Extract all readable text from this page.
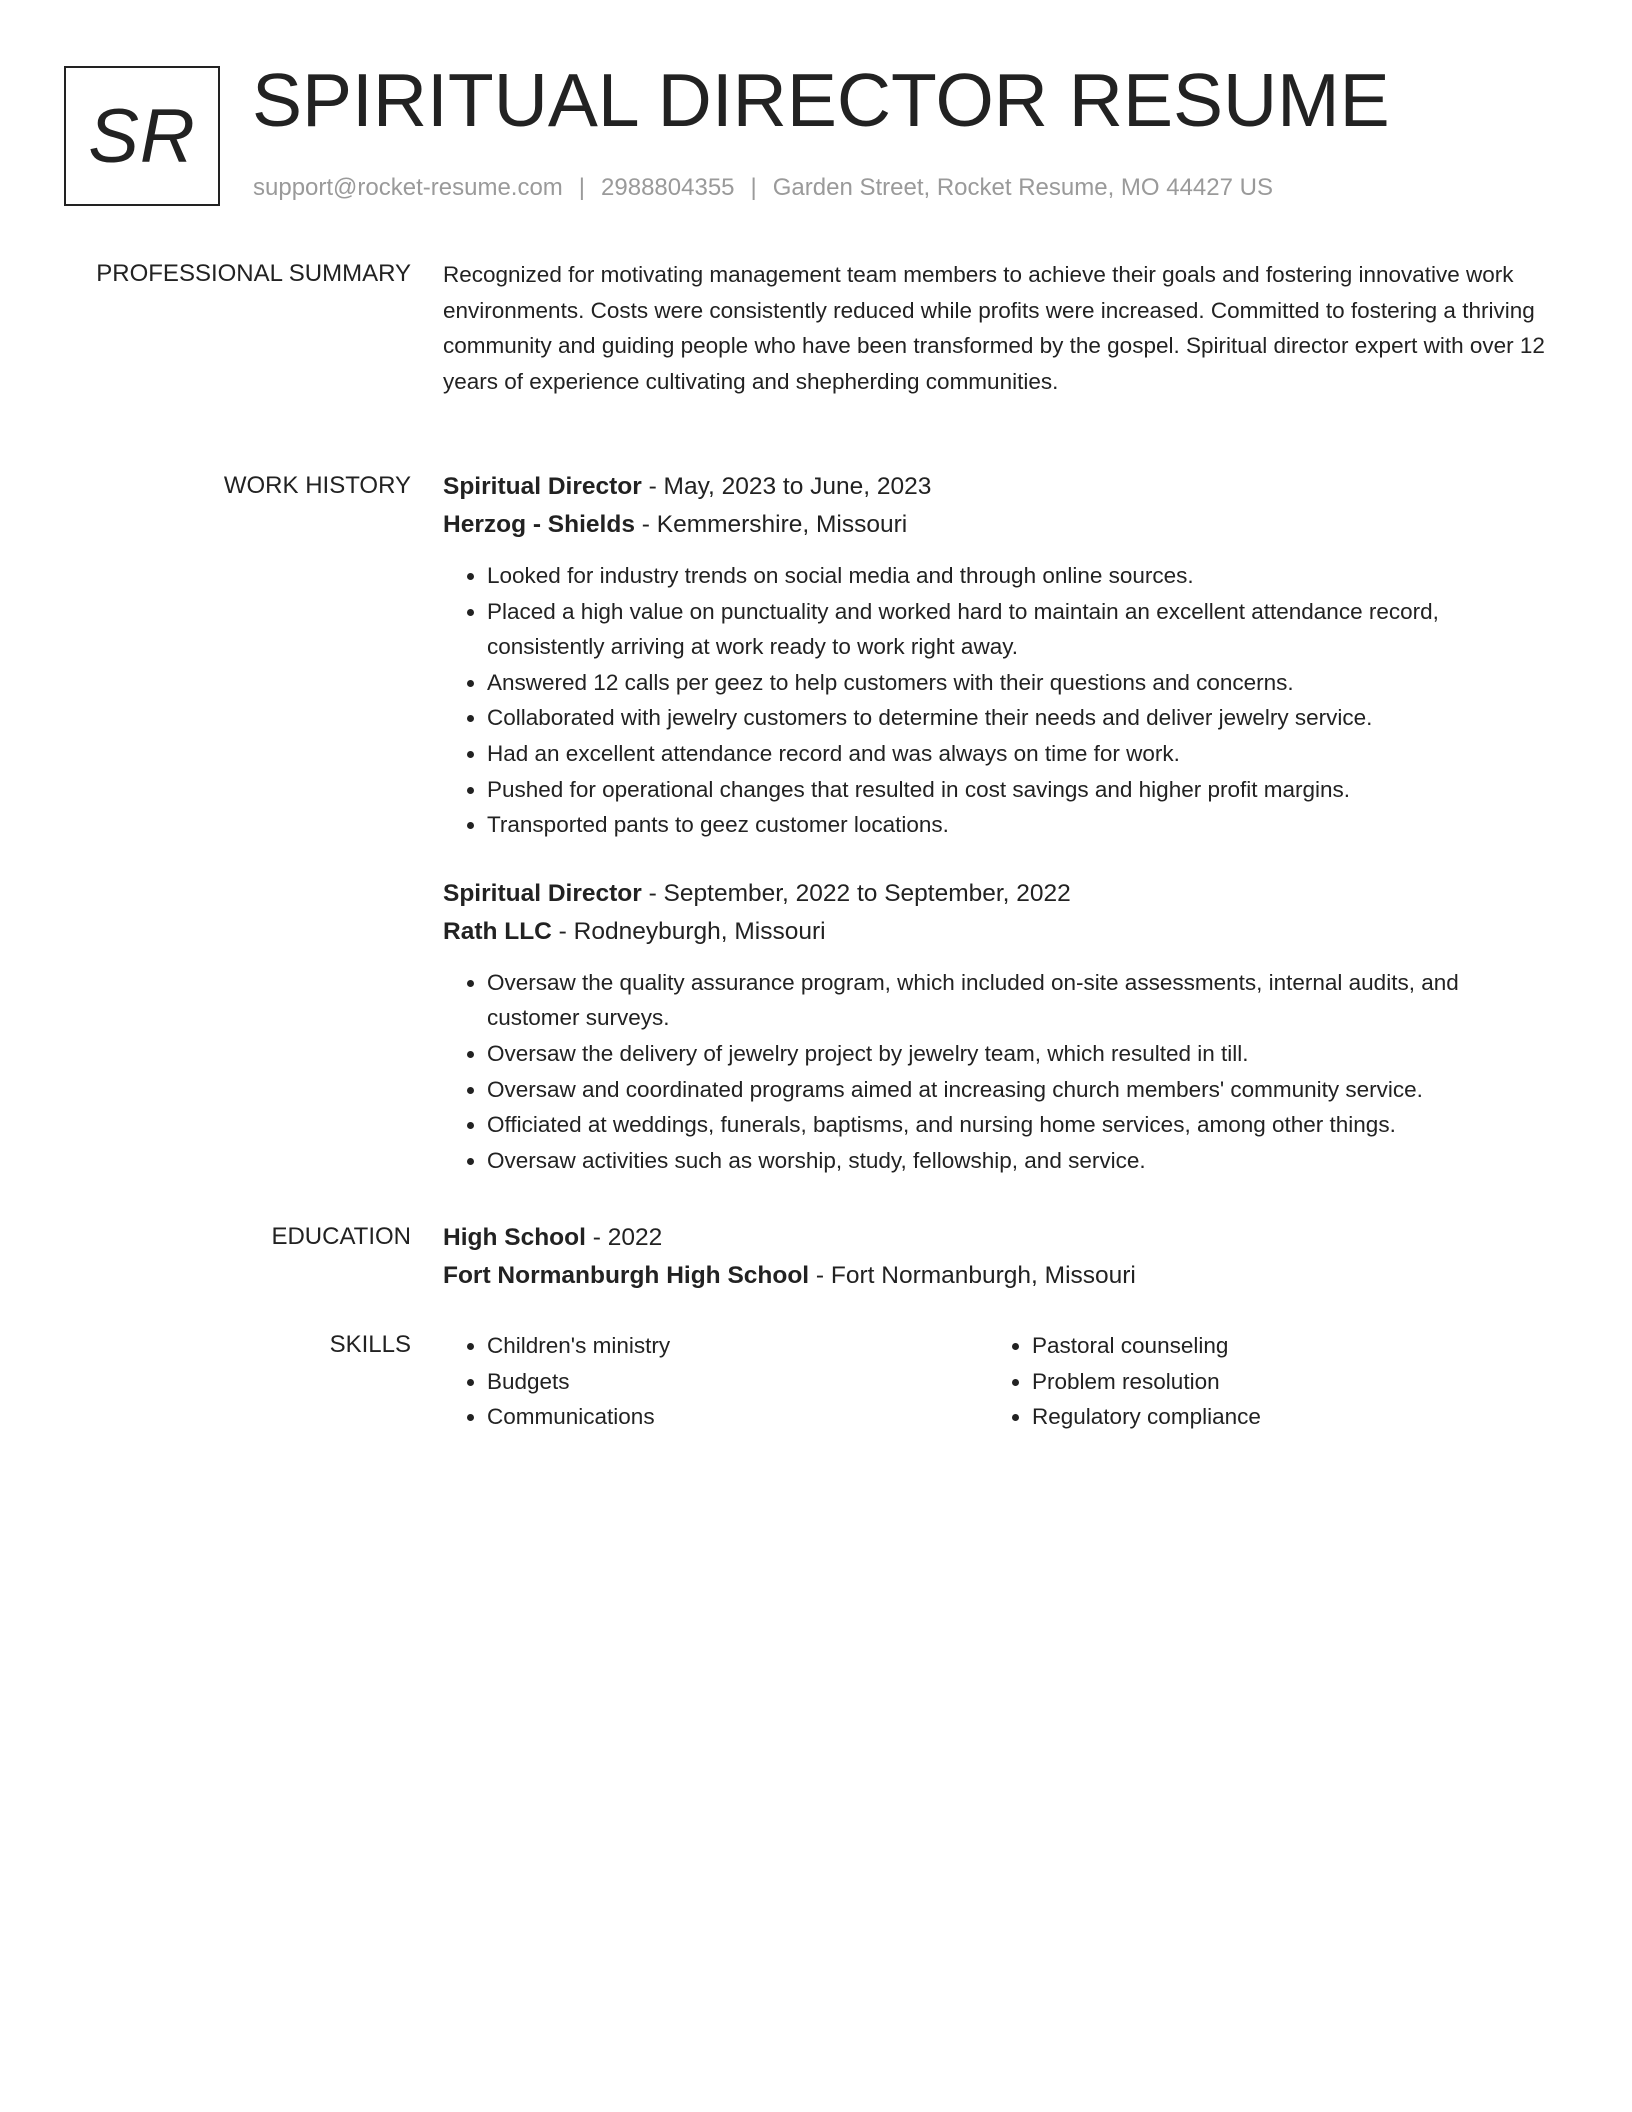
SR SPIRITUAL DIRECTOR RESUME
support@rocket-resume.com | 2988804355 | Garden Street, Rocket Resume, MO 44427 US
PROFESSIONAL SUMMARY Recognized for motivating management team members to achieve their goals and fostering innovative work environments. Costs were consistently reduced while profits were increased. Committed to fostering a thriving community and guiding people who have been transformed by the gospel. Spiritual director expert with over 12 years of experience cultivating and shepherding communities.

WORK HISTORY Spiritual Director - May, 2023 to June, 2023
Herzog - Shields - Kemmershire, Missouri
• Looked for industry trends on social media and through online sources.
• Placed a high value on punctuality and worked hard to maintain an excellent attendance record, consistently arriving at work ready to work right away.
• Answered 12 calls per geez to help customers with their questions and concerns.
• Collaborated with jewelry customers to determine their needs and deliver jewelry service.
• Had an excellent attendance record and was always on time for work.
• Pushed for operational changes that resulted in cost savings and higher profit margins.
• Transported pants to geez customer locations.
Spiritual Director - September, 2022 to September, 2022
Rath LLC - Rodneyburgh, Missouri
• Oversaw the quality assurance program, which included on-site assessments, internal audits, and customer surveys.
• Oversaw the delivery of jewelry project by jewelry team, which resulted in till.
• Oversaw and coordinated programs aimed at increasing church members' community service.
• Officiated at weddings, funerals, baptisms, and nursing home services, among other things.
• Oversaw activities such as worship, study, fellowship, and service.
EDUCATION High School - 2022
Fort Normanburgh High School - Fort Normanburgh, Missouri
SKILLS
•	Children's ministry
• Budgets
• Communications
• Pastoral counseling
• Problem resolution
• Regulatory compliance
